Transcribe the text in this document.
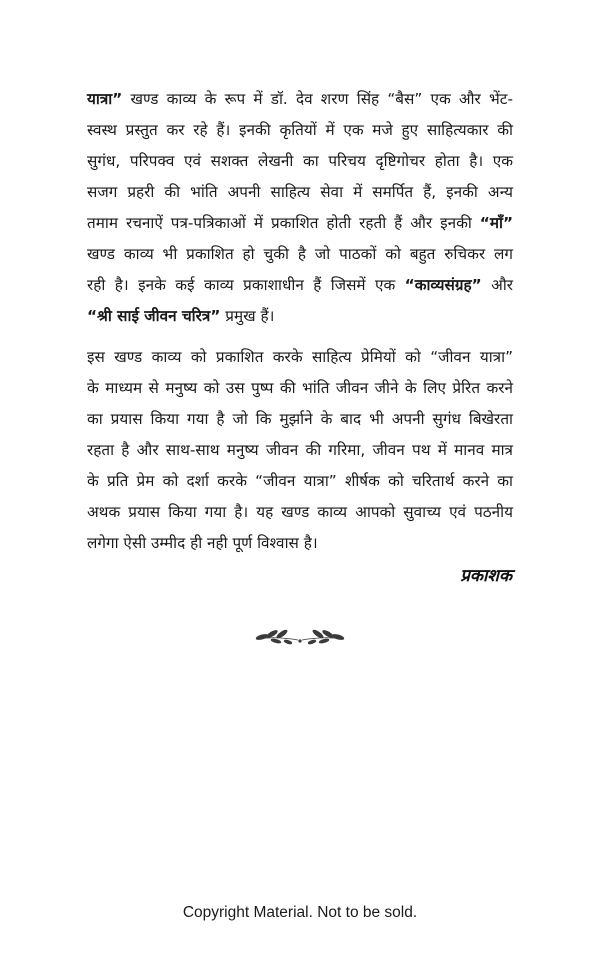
यात्रा” खण्ड काव्य के रूप में डॉ. देव शरण सिंह “बैस” एक और भेंट-
स्वस्थ प्रस्तुत कर रहे हैं। इनकी कृतियों में एक मजे हुए साहित्यकार की
सुगंध, परिपक्व एवं सशक्त लेखनी का परिचय दृष्टिगोचर होता है। एक
सजग प्रहरी की भांति अपनी साहित्य सेवा में समर्पित हैं, इनकी अन्य
तमाम रचनाऐं पत्र-पत्रिकाओं में प्रकाशित होती रहती हैं और इनकी “माँ”
खण्ड काव्य भी प्रकाशित हो चुकी है जो पाठकों को बहुत रुचिकर लग
रही है। इनके कई काव्य प्रकाशाधीन हैं जिसमें एक “काव्यसंग्रह” और
“श्री साई जीवन चरित्र” प्रमुख हैं।

इस खण्ड काव्य को प्रकाशित करके साहित्य प्रेमियों को “जीवन यात्रा”
के माध्यम से मनुष्य को उस पुष्प की भांति जीवन जीने के लिए प्रेरित करने
का प्रयास किया गया है जो कि मुर्झाने के बाद भी अपनी सुगंध बिखेरता
रहता है और साथ-साथ मनुष्य जीवन की गरिमा, जीवन पथ में मानव मात्र
के प्रति प्रेम को दर्शा करके “जीवन यात्रा” शीर्षक को चरितार्थ करने का
अथक प्रयास किया गया है। यह खण्ड काव्य आपको सुवाच्य एवं पठनीय
लगेगा ऐसी उम्मीद ही नही पूर्ण विश्वास है।

प्रकाशक
Copyright Material. Not to be sold.
